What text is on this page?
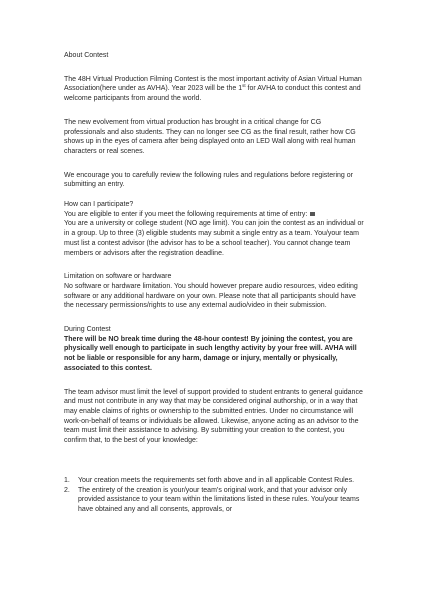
About Contest

The 48H Virtual Production Filming Contest is the most important activity of Asian Virtual Human Association(here under as AVHA). Year 2023 will be the 1st for AVHA to conduct this contest and welcome participants from around the world.

The new evolvement from virtual production has brought in a critical change for CG professionals and also students. They can no longer see CG as the final result, rather how CG shows up in the eyes of camera after being displayed onto an LED Wall along with real human characters or real scenes.

We encourage you to carefully review the following rules and regulations before registering or submitting an entry.

How can I participate?

You are eligible to enter if you meet the following requirements at time of entry:
You are a university or college student (NO age limit). You can join the contest as an individual or in a group. Up to three (3) eligible students may submit a single entry as a team. You/your team must list a contest advisor (the advisor has to be a school teacher). You cannot change team members or advisors after the registration deadline.

Limitation on software or hardware

No software or hardware limitation. You should however prepare audio resources, video editing software or any additional hardware on your own. Please note that all participants should have the necessary permissions/rights to use any external audio/video in their submission.

During Contest

There will be NO break time during the 48-hour contest! By joining the contest, you are physically well enough to participate in such lengthy activity by your free will. AVHA will not be liable or responsible for any harm, damage or injury, mentally or physically, associated to this contest.

The team advisor must limit the level of support provided to student entrants to general guidance and must not contribute in any way that may be considered original authorship, or in a way that may enable claims of rights or ownership to the submitted entries. Under no circumstance will work-on-behalf of teams or individuals be allowed. Likewise, anyone acting as an advisor to the team must limit their assistance to advising. By submitting your creation to the contest, you confirm that, to the best of your knowledge:

1. Your creation meets the requirements set forth above and in all applicable Contest Rules.
2. The entirety of the creation is your/your team’s original work, and that your advisor only provided assistance to your team within the limitations listed in these rules. You/your teams have obtained any and all consents, approvals, or
